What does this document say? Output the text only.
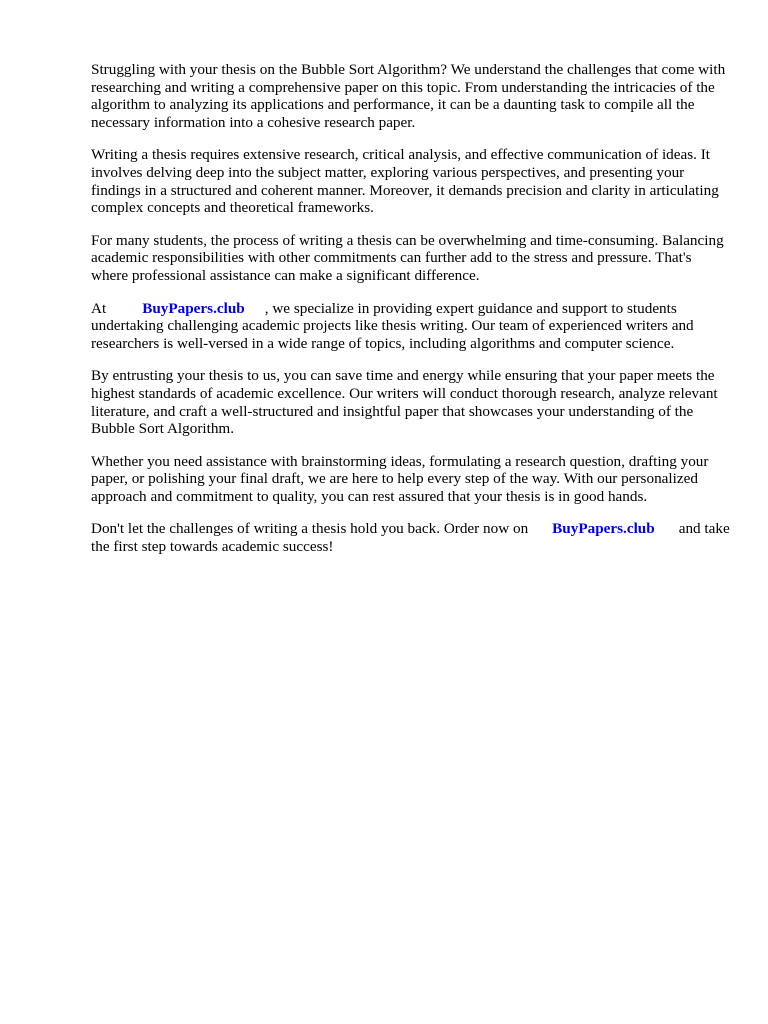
Struggling with your thesis on the Bubble Sort Algorithm? We understand the challenges that come with researching and writing a comprehensive paper on this topic. From understanding the intricacies of the algorithm to analyzing its applications and performance, it can be a daunting task to compile all the necessary information into a cohesive research paper.

Writing a thesis requires extensive research, critical analysis, and effective communication of ideas. It involves delving deep into the subject matter, exploring various perspectives, and presenting your findings in a structured and coherent manner. Moreover, it demands precision and clarity in articulating complex concepts and theoretical frameworks.

For many students, the process of writing a thesis can be overwhelming and time-consuming. Balancing academic responsibilities with other commitments can further add to the stress and pressure. That's where professional assistance can make a significant difference.

At BuyPapers.club , we specialize in providing expert guidance and support to students undertaking challenging academic projects like thesis writing. Our team of experienced writers and researchers is well-versed in a wide range of topics, including algorithms and computer science.

By entrusting your thesis to us, you can save time and energy while ensuring that your paper meets the highest standards of academic excellence. Our writers will conduct thorough research, analyze relevant literature, and craft a well-structured and insightful paper that showcases your understanding of the Bubble Sort Algorithm.

Whether you need assistance with brainstorming ideas, formulating a research question, drafting your paper, or polishing your final draft, we are here to help every step of the way. With our personalized approach and commitment to quality, you can rest assured that your thesis is in good hands.

Don't let the challenges of writing a thesis hold you back. Order now on BuyPapers.club and take the first step towards academic success!
